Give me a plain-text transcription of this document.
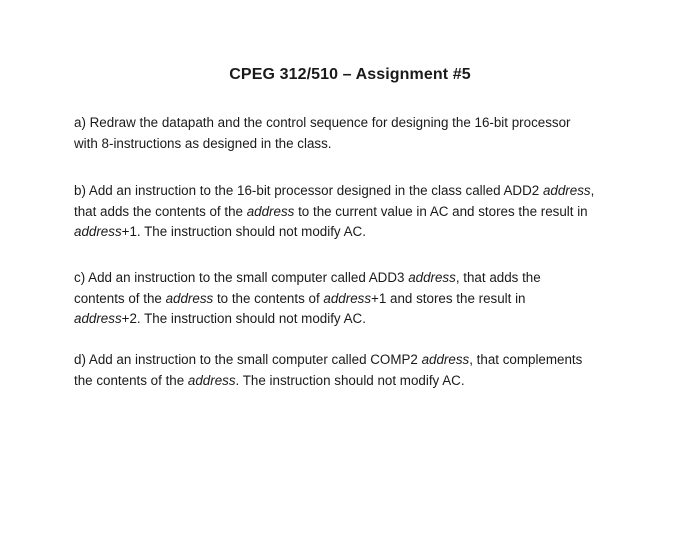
CPEG 312/510 – Assignment #5

a) Redraw the datapath and the control sequence for designing the 16-bit processor
with 8-instructions as designed in the class.

b) Add an instruction to the 16-bit processor designed in the class called ADD2 address,
that adds the contents of the address to the current value in AC and stores the result in
address+1. The instruction should not modify AC.

c) Add an instruction to the small computer called ADD3 address, that adds the
contents of the address to the contents of address+1 and stores the result in
address+2. The instruction should not modify AC.

d) Add an instruction to the small computer called COMP2 address, that complements
the contents of the address. The instruction should not modify AC.
